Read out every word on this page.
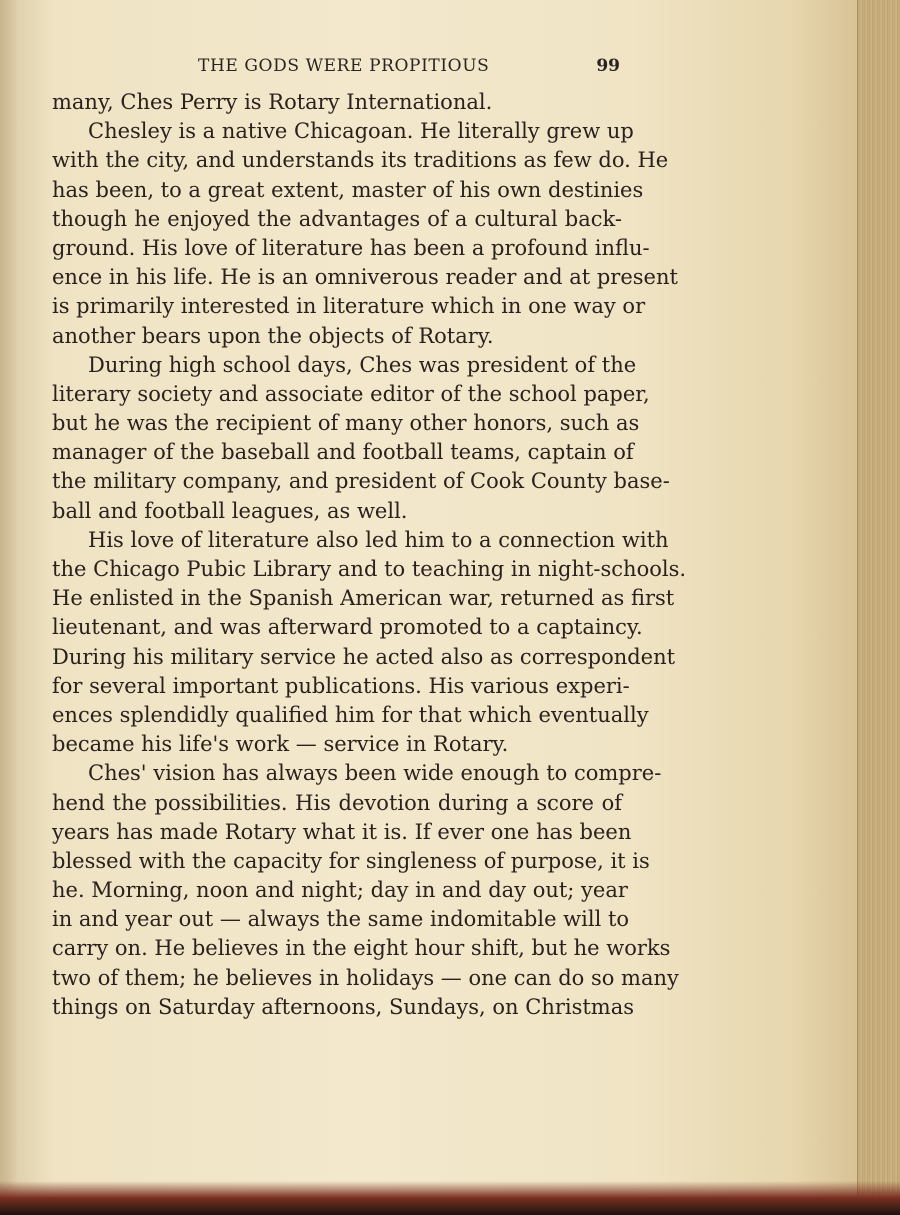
THE GODS WERE PROPITIOUS	99
many, Ches Perry is Rotary International.
Chesley is a native Chicagoan. He literally grew up
with the city, and understands its traditions as few do. He
has been, to a great extent, master of his own destinies
though he enjoyed the advantages of a cultural back-
ground. His love of literature has been a profound influ-
ence in his life. He is an omniverous reader and at present
is primarily interested in literature which in one way or
another bears upon the objects of Rotary.
During high school days, Ches was president of the
literary society and associate editor of the school paper,
but he was the recipient of many other honors, such as
manager of the baseball and football teams, captain of
the military company, and president of Cook County base-
ball and football leagues, as well.
His love of literature also led him to a connection with
the Chicago Pubic Library and to teaching in night-schools.
He enlisted in the Spanish American war, returned as first
lieutenant, and was afterward promoted to a captaincy.
During his military service he acted also as correspondent
for several important publications. His various experi-
ences splendidly qualified him for that which eventually
became his life's work — service in Rotary.
Ches' vision has always been wide enough to compre-
hend the possibilities. His devotion during a score of
years has made Rotary what it is. If ever one has been
blessed with the capacity for singleness of purpose, it is
he. Morning, noon and night; day in and day out; year
in and year out — always the same indomitable will to
carry on. He believes in the eight hour shift, but he works
two of them; he believes in holidays — one can do so many
things on Saturday afternoons, Sundays, on Christmas
